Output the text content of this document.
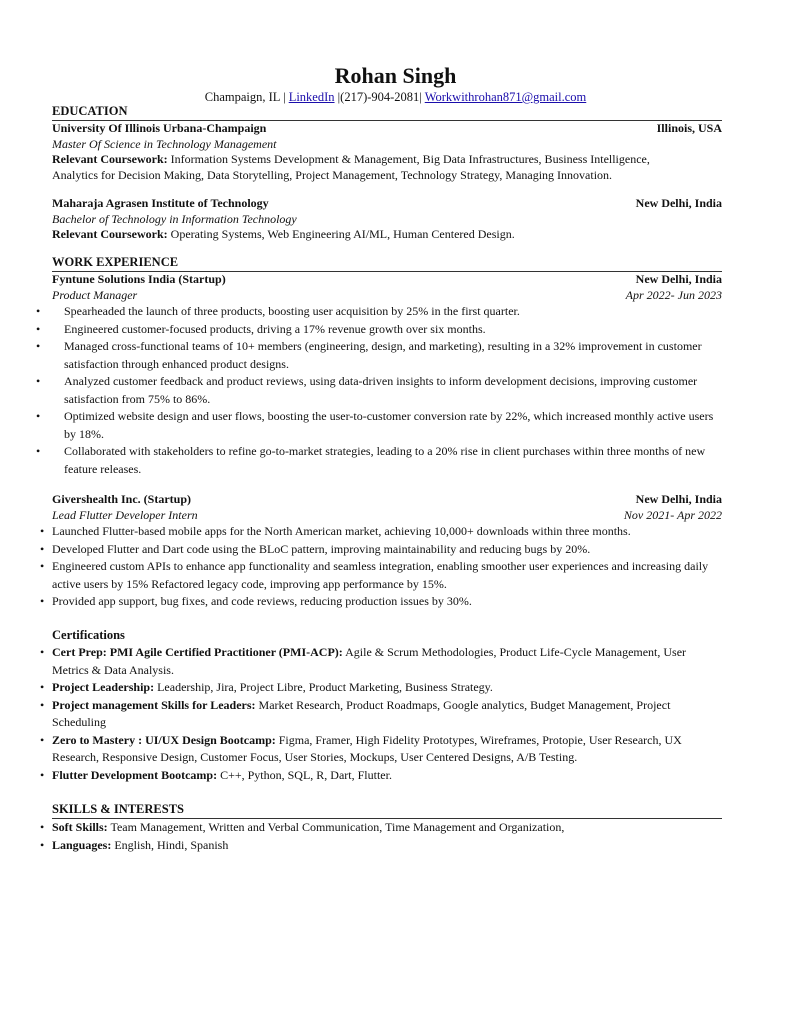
Rohan Singh
Champaign, IL | LinkedIn |(217)-904-2081| Workwithrohan871@gmail.com
EDUCATION
University Of Illinois Urbana-Champaign	Illinois, USA
Master Of Science in Technology Management
Relevant Coursework: Information Systems Development & Management, Big Data Infrastructures, Business Intelligence,
Analytics for Decision Making, Data Storytelling, Project Management, Technology Strategy, Managing Innovation.
Maharaja Agrasen Institute of Technology	New Delhi, India
Bachelor of Technology in Information Technology
Relevant Coursework: Operating Systems, Web Engineering AI/ML, Human Centered Design.
WORK EXPERIENCE
Fyntune Solutions India (Startup)	New Delhi, India
Product Manager	Apr 2022- Jun 2023
• Spearheaded the launch of three products, boosting user acquisition by 25% in the first quarter.
• Engineered customer-focused products, driving a 17% revenue growth over six months.
• Managed cross-functional teams of 10+ members (engineering, design, and marketing), resulting in a 32% improvement in customer satisfaction through enhanced product designs.
• Analyzed customer feedback and product reviews, using data-driven insights to inform development decisions, improving customer satisfaction from 75% to 86%.
• Optimized website design and user flows, boosting the user-to-customer conversion rate by 22%, which increased monthly active users by 18%.
• Collaborated with stakeholders to refine go-to-market strategies, leading to a 20% rise in client purchases within three months of new feature releases.
Givershealth Inc. (Startup)	New Delhi, India
Lead Flutter Developer Intern	Nov 2021- Apr 2022
• Launched Flutter-based mobile apps for the North American market, achieving 10,000+ downloads within three months.
• Developed Flutter and Dart code using the BLoC pattern, improving maintainability and reducing bugs by 20%.
• Engineered custom APIs to enhance app functionality and seamless integration, enabling smoother user experiences and increasing daily active users by 15% Refactored legacy code, improving app performance by 15%.
• Provided app support, bug fixes, and code reviews, reducing production issues by 30%.
Certifications
• Cert Prep: PMI Agile Certified Practitioner (PMI-ACP): Agile & Scrum Methodologies, Product Life-Cycle Management, User Metrics & Data Analysis.
• Project Leadership: Leadership, Jira, Project Libre, Product Marketing, Business Strategy.
• Project management Skills for Leaders: Market Research, Product Roadmaps, Google analytics, Budget Management, Project Scheduling
• Zero to Mastery : UI/UX Design Bootcamp: Figma, Framer, High Fidelity Prototypes, Wireframes, Protopie, User Research, UX Research, Responsive Design, Customer Focus, User Stories, Mockups, User Centered Designs, A/B Testing.
• Flutter Development Bootcamp: C++, Python, SQL, R, Dart, Flutter.
SKILLS & INTERESTS
• Soft Skills: Team Management, Written and Verbal Communication, Time Management and Organization,
• Languages: English, Hindi, Spanish
